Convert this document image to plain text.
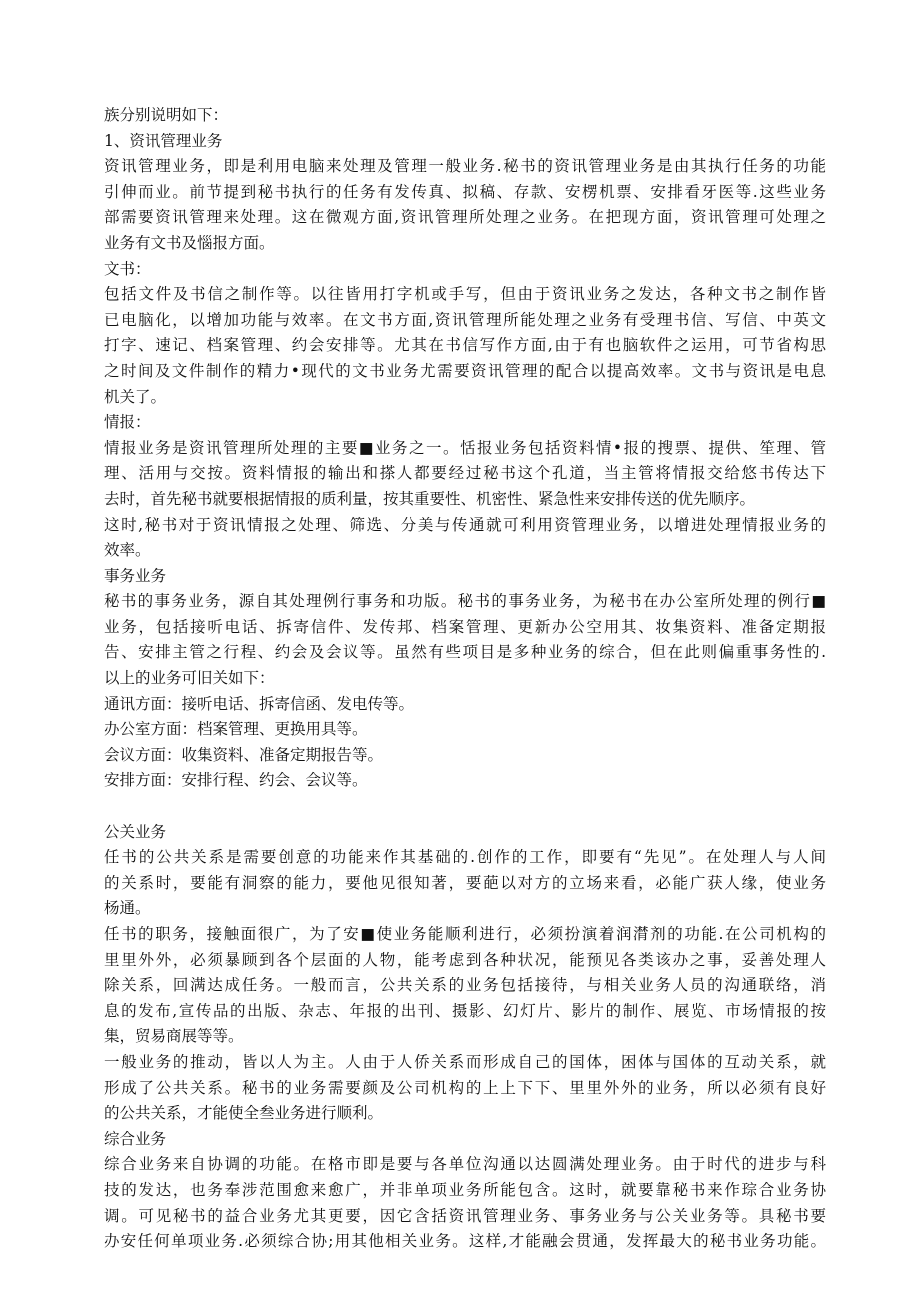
族分别说明如下：
1、资讯管理业务
资讯管理业务，即是利用电脑来处理及管理一般业务.秘书的资讯管理业务是由其执行任务的功能
引伸而业。前节提到秘书执行的任务有发传真、拟稿、存款、安楞机票、安排看牙医等.这些业务
部需要资讯管理来处理。这在微观方面,资讯管理所处理之业务。在把现方面，资讯管理可处理之
业务有文书及惱报方面。
文书：
包括文件及书信之制作等。以往皆用打字机或手写，但由于资讯业务之发达，各种文书之制作皆
已电脑化，以增加功能与效率。在文书方面,资讯管理所能处理之业务有受理书信、写信、中英文
打字、速记、档案管理、约会安排等。尤其在书信写作方面,由于有也脑软件之运用，可节省构思
之时间及文件制作的精力•现代的文书业务尤需要资讯管理的配合以提高效率。文书与资讯是电息
机关了。
情报：
情报业务是资讯管理所处理的主要■业务之一。恬报业务包括资料情•报的搜票、提供、笙理、管
理、活用与交按。资料情报的输出和搽人都要经过秘书这个孔道，当主管将情报交给悠书传达下
去时，首先秘书就要根据情报的质利量，按其重要性、机密性、紧急性来安排传送的优先顺序。
这时,秘书对于资讯情报之处理、筛选、分美与传通就可利用资管理业务，以增进处理情报业务的
效率。
事务业务
秘书的事务业务，源自其处理例行事务和功版。秘书的事务业务，为秘书在办公室所处理的例行■
业务，包括接听电话、拆寄信件、发传邦、档案管理、更新办公空用其、妆集资料、准备定期报
告、安排主管之行程、约会及会议等。虽然有些项目是多种业务的综合，但在此则偏重事务性的.
以上的业务可旧关如下：
通讯方面：接听电话、拆寄信函、发电传等。
办公室方面：档案管理、更换用具等。
会议方面：收集资料、准备定期报告等。
安排方面：安排行程、约会、会议等。
公关业务
任书的公共关系是需要创意的功能来作其基础的.创作的工作，即要有“先见”。在处理人与人间
的关系时，要能有洞察的能力，要他见很知著，要葩以对方的立场来看，必能广获人缘，使业务
杨通。
任书的职务，接触面很广，为了安■使业务能顺利进行，必须扮演着润潸剂的功能.在公司机构的
里里外外，必须暴顾到各个层面的人物，能考虑到各种状况，能预见各类该办之事，妥善处理人
除关系，回满达成任务。一般而言，公共关系的业务包括接待，与相关业务人员的沟通联络，消
息的发布,宣传品的出版、杂志、年报的出刊、摄影、幻灯片、影片的制作、展览、市场情报的按
集，贸易商展等等。
一般业务的推动，皆以人为主。人由于人侨关系而形成自己的国体，困体与国体的互动关系，就
形成了公共关系。秘书的业务需要颜及公司机构的上上下下、里里外外的业务，所以必须有良好
的公共关系，才能使全叁业务进行顺利。
综合业务
综合业务来自协调的功能。在格市即是要与各单位沟通以达圆满处理业务。由于时代的进步与科
技的发达，也务奉涉范围愈来愈广，并非单项业务所能包含。这时，就要靠秘书来作琮合业务协
调。可见秘书的益合业务尤其更要，因它含括资讯管理业务、事务业务与公关业务等。具秘书要
办安任何单项业务.必须综合协;用其他相关业务。这样,才能融会贯通，发挥最大的秘书业务功能。
